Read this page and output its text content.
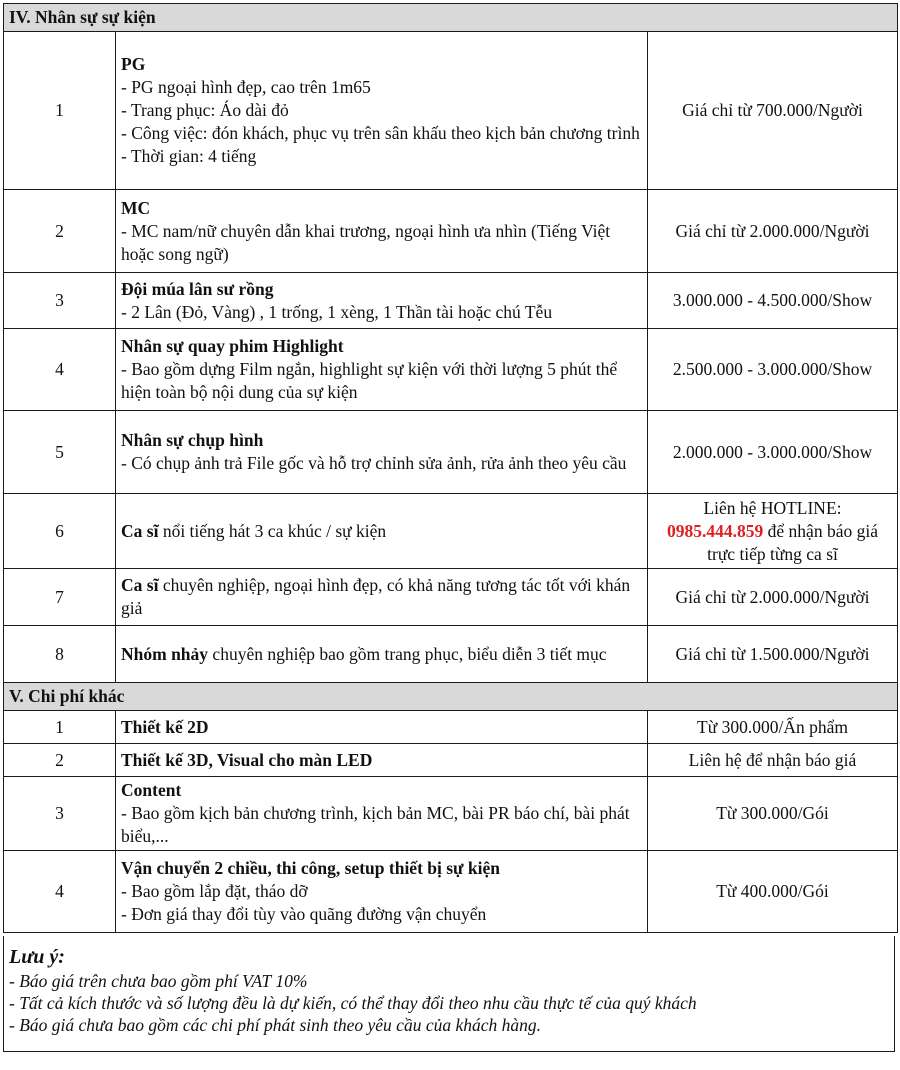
IV. Nhân sự sự kiện		
1	PG
- PG ngoại hình đẹp, cao trên 1m65
- Trang phục: Áo dài đỏ
- Công việc: đón khách, phục vụ trên sân khấu theo kịch bản chương trình
- Thời gian: 4 tiếng	Giá chỉ từ 700.000/Người
2	MC
- MC nam/nữ chuyên dẫn khai trương, ngoại hình ưa nhìn (Tiếng Việt hoặc song ngữ)	Giá chỉ từ 2.000.000/Người
3	Đội múa lân sư rồng
- 2 Lân (Đỏ, Vàng) , 1 trống, 1 xèng, 1 Thần tài hoặc chú Tễu	3.000.000 - 4.500.000/Show
4	Nhân sự quay phim Highlight
- Bao gồm dựng Film ngắn, highlight sự kiện với thời lượng 5 phút thể hiện toàn bộ nội dung của sự kiện	2.500.000 - 3.000.000/Show
5	Nhân sự chụp hình
- Có chụp ảnh trả File gốc và hỗ trợ chỉnh sửa ảnh, rửa ảnh theo yêu cầu	2.000.000 - 3.000.000/Show
6	Ca sĩ nổi tiếng hát 3 ca khúc / sự kiện	Liên hệ HOTLINE:
0985.444.859 để nhận báo giá
trực tiếp từng ca sĩ

7	Ca sĩ chuyên nghiệp, ngoại hình đẹp, có khả năng tương tác tốt với khán giả	Giá chỉ từ 2.000.000/Người
8	Nhóm nhảy chuyên nghiệp bao gồm trang phục, biểu diễn 3 tiết mục	Giá chỉ từ 1.500.000/Người
V. Chi phí khác		
1	Thiết kế 2D	Từ 300.000/Ấn phẩm
2	Thiết kế 3D, Visual cho màn LED	Liên hệ để nhận báo giá
3	Content
- Bao gồm kịch bản chương trình, kịch bản MC, bài PR báo chí, bài phát biểu,...	Từ 300.000/Gói
4	Vận chuyển 2 chiều, thi công, setup thiết bị sự kiện
- Bao gồm lắp đặt, tháo dỡ
- Đơn giá thay đổi tùy vào quãng đường vận chuyển	Từ 400.000/Gói
Lưu ý:
- Báo giá trên chưa bao gồm phí VAT 10%
- Tất cả kích thước và số lượng đều là dự kiến, có thể thay đổi theo nhu cầu thực tế của quý khách
- Báo giá chưa bao gồm các chi phí phát sinh theo yêu cầu của khách hàng.
